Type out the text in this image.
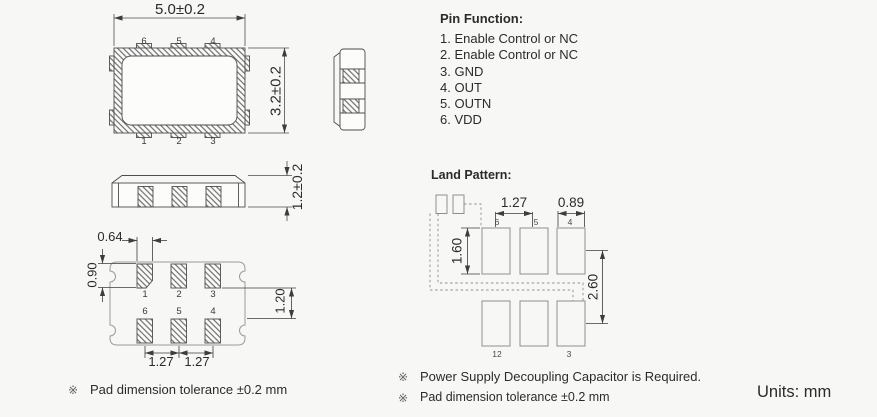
5.0±0.2
3.2±0.2
6	5	4
1	2	3
1.2±0.2
Pin Function:
1. Enable Control or NC
2. Enable Control or NC
3. GND
4. OUT
5. OUTN
6. VDD
0.64
0.90
1.20
1.27 1.27
1	2	3
6	5	4
Land Pattern:
1.27 0.89
1.60
2.60
6	5	4
12	3
※ Pad dimension tolerance ±0.2 mm
※ Power Supply Decoupling Capacitor is Required.
※ Pad dimension tolerance ±0.2 mm	Units: mm
